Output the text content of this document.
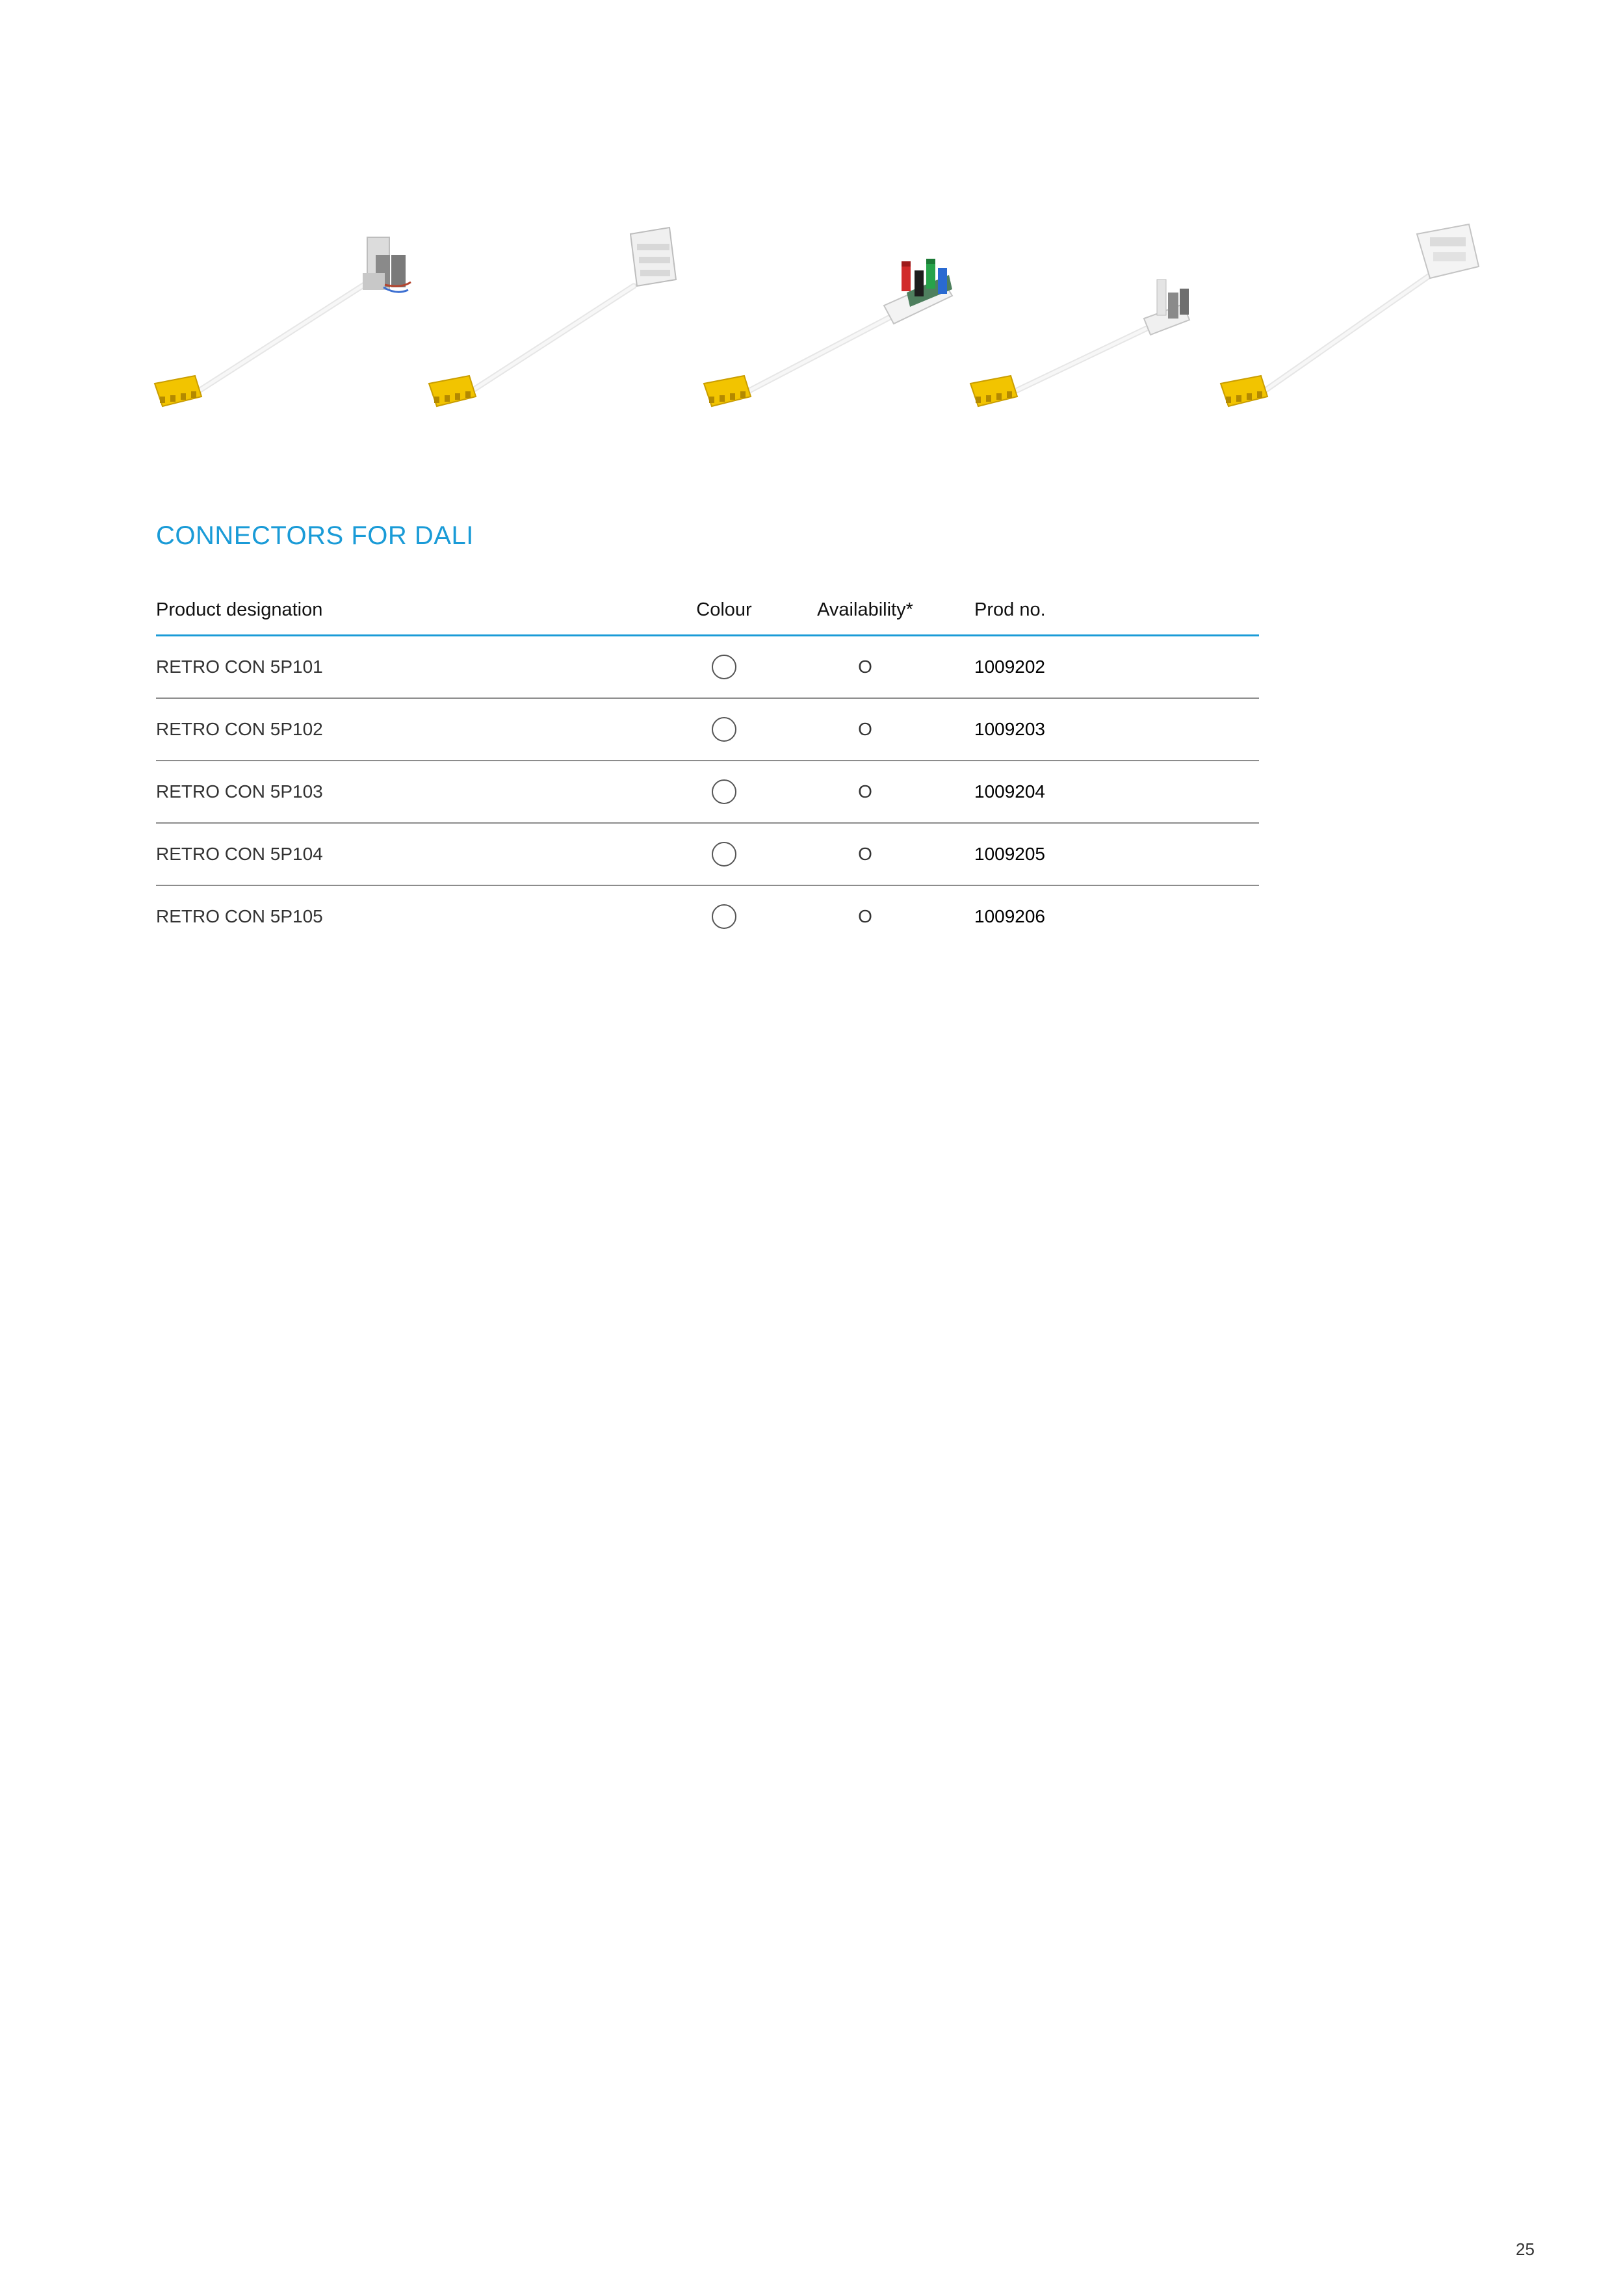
CONNECTORS FOR DALI
Product designation	Colour	Availability*	Prod no.
RETRO CON 5P101		O	1009202
RETRO CON 5P102		O	1009203
RETRO CON 5P103		O	1009204
RETRO CON 5P104		O	1009205
RETRO CON 5P105		O	1009206
25
